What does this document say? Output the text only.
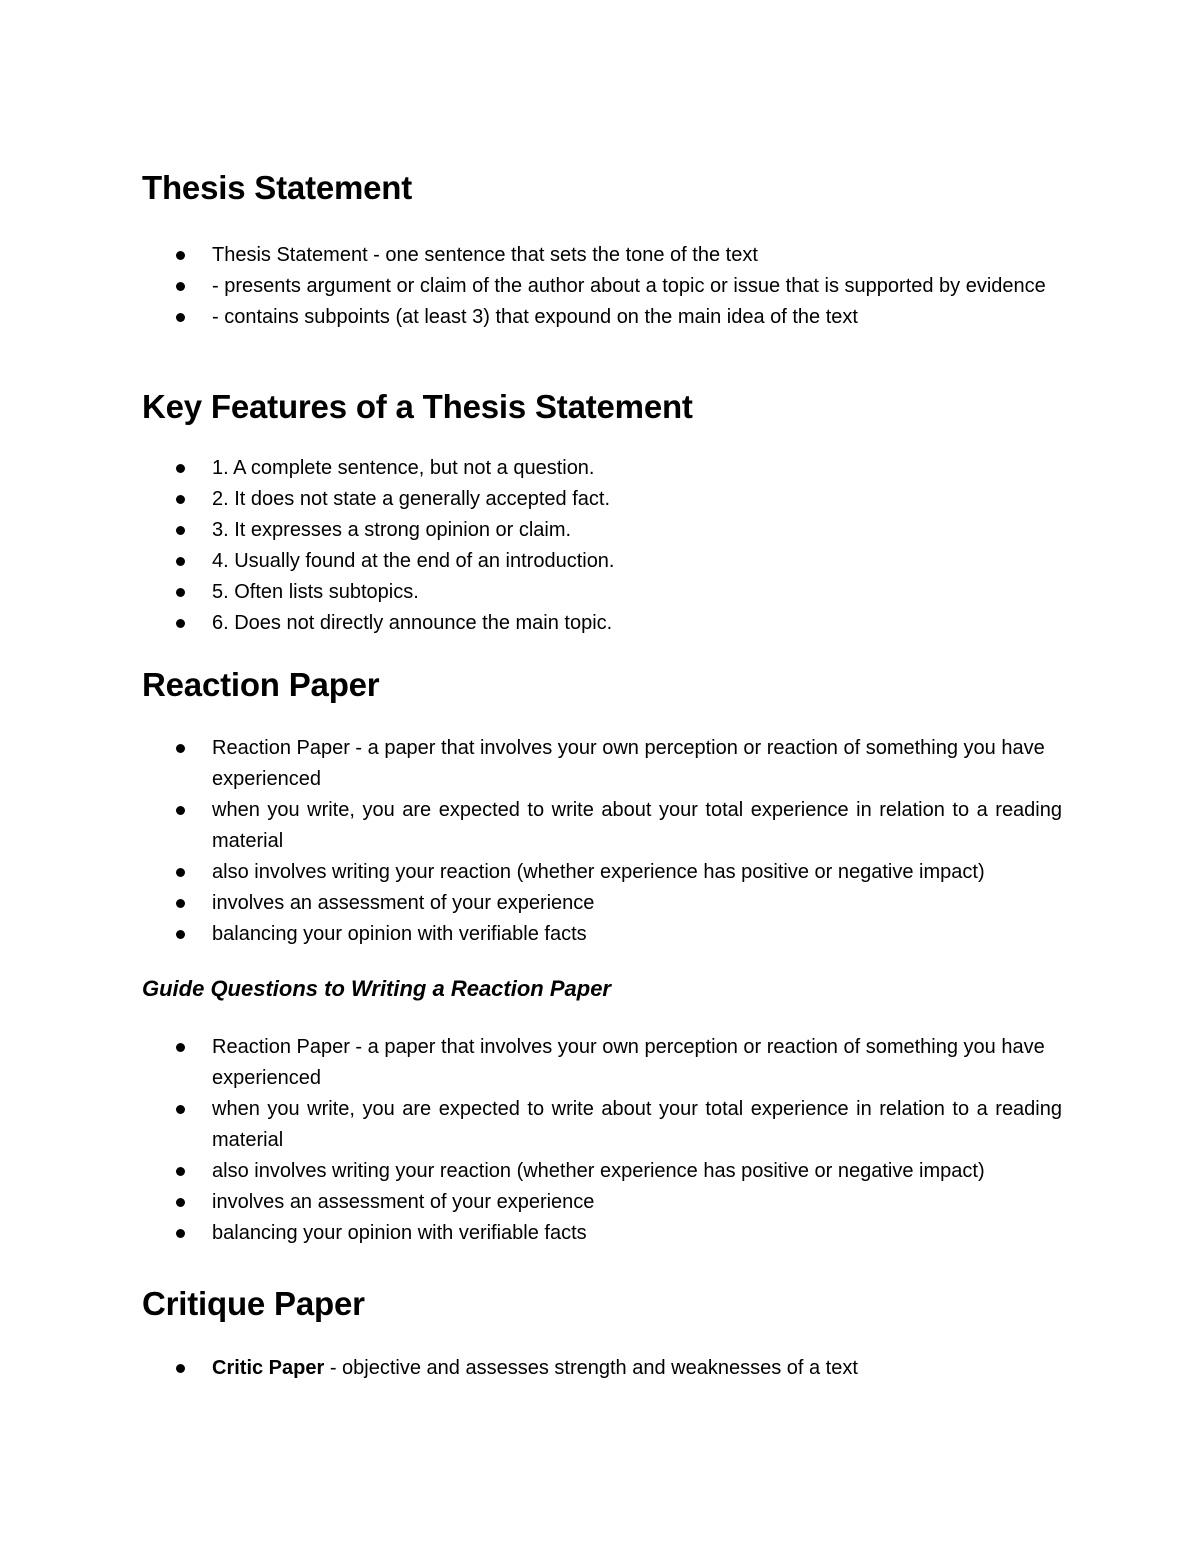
Thesis Statement
Thesis Statement - one sentence that sets the tone of the text
- presents argument or claim of the author about a topic or issue that is supported by evidence
- contains subpoints (at least 3) that expound on the main idea of the text
Key Features of a Thesis Statement
1. A complete sentence, but not a question.
2. It does not state a generally accepted fact.
3. It expresses a strong opinion or claim.
4. Usually found at the end of an introduction.
5. Often lists subtopics.
6. Does not directly announce the main topic.
Reaction Paper
Reaction Paper - a paper that involves your own perception or reaction of something you have experienced
when you write, you are expected to write about your total experience in relation to a reading material
also involves writing your reaction (whether experience has positive or negative impact)
involves an assessment of your experience
balancing your opinion with verifiable facts
Guide Questions to Writing a Reaction Paper
Reaction Paper - a paper that involves your own perception or reaction of something you have experienced
when you write, you are expected to write about your total experience in relation to a reading material
also involves writing your reaction (whether experience has positive or negative impact)
involves an assessment of your experience
balancing your opinion with verifiable facts
Critique Paper
Critic Paper - objective and assesses strength and weaknesses of a text
